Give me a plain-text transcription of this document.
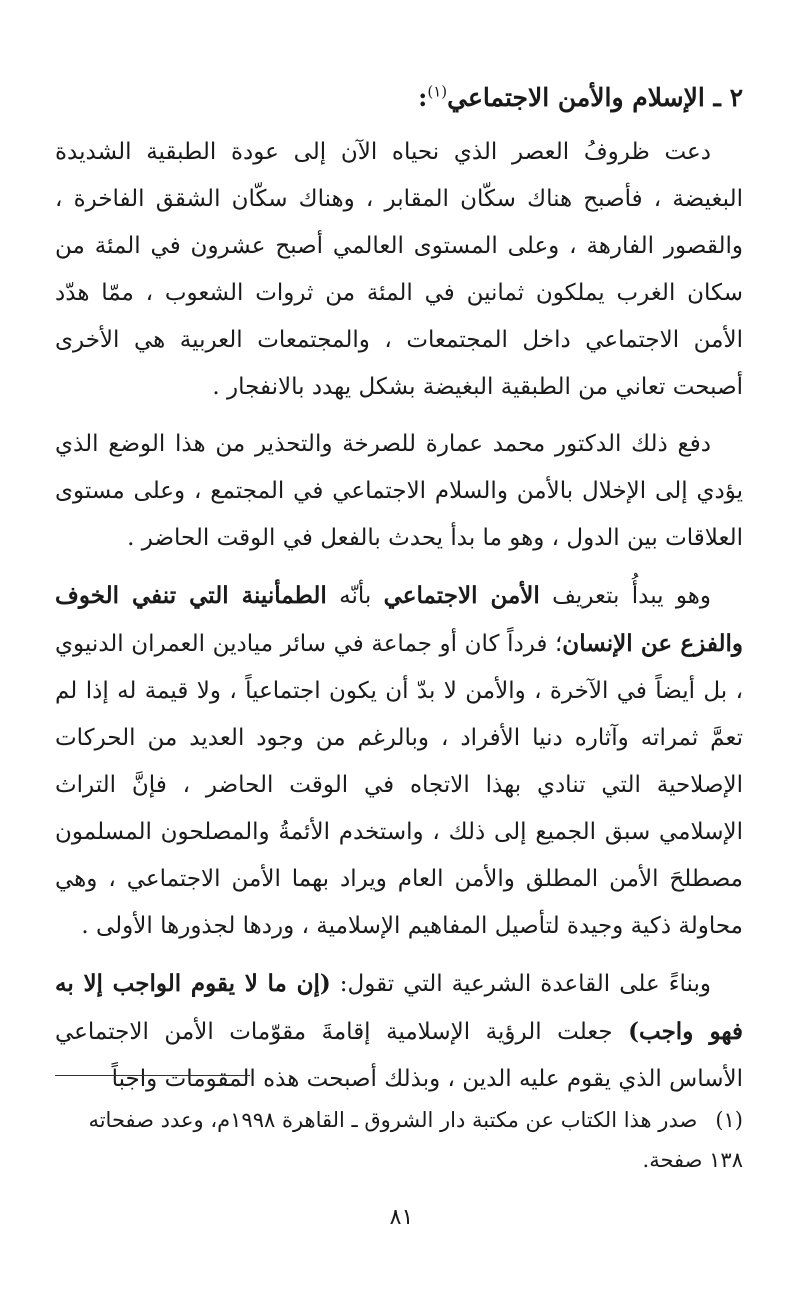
٢ ـ الإسلام والأمن الاجتماعي$^{(١)}$:

دعت ظروفُ العصر الذي نحياه الآن إلى عودة الطبقية الشديدة البغيضة ، فأصبح هناك سكّان المقابر ، وهناك سكّان الشقق الفاخرة ، والقصور الفارهة ، وعلى المستوى العالمي أصبح عشرون في المئة من سكان الغرب يملكون ثمانين في المئة من ثروات الشعوب ، ممّا هدّد الأمن الاجتماعي داخل المجتمعات ، والمجتمعات العربية هي الأخرى أصبحت تعاني من الطبقية البغيضة بشكل يهدد بالانفجار .

دفع ذلك الدكتور محمد عمارة للصرخة والتحذير من هذا الوضع الذي يؤدي إلى الإخلال بالأمن والسلام الاجتماعي في المجتمع ، وعلى مستوى العلاقات بين الدول ، وهو ما بدأ يحدث بالفعل في الوقت الحاضر .

وهو يبدأُ بتعريف الأمن الاجتماعي بأنّه الطمأنينة التي تنفي الخوف والفزع عن الإنسان؛ فرداً كان أو جماعة في سائر ميادين العمران الدنيوي ، بل أيضاً في الآخرة ، والأمن لا بدّ أن يكون اجتماعياً ، ولا قيمة له إذا لم تعمَّ ثمراته وآثاره دنيا الأفراد ، وبالرغم من وجود العديد من الحركات الإصلاحية التي تنادي بهذا الاتجاه في الوقت الحاضر ، فإنَّ التراث الإسلامي سبق الجميع إلى ذلك ، واستخدم الأئمةُ والمصلحون المسلمون مصطلحَ الأمن المطلق والأمن العام ويراد بهما الأمن الاجتماعي ، وهي محاولة ذكية وجيدة لتأصيل المفاهيم الإسلامية ، وردها لجذورها الأولى .

وبناءً على القاعدة الشرعية التي تقول: (إن ما لا يقوم الواجب إلا به فهو واجب) جعلت الرؤية الإسلامية إقامةَ مقوّمات الأمن الاجتماعي الأساس الذي يقوم عليه الدين ، وبذلك أصبحت هذه المقومات واجباً

(١)صدر هذا الكتاب عن مكتبة دار الشروق ـ القاهرة ١٩٩٨م، وعدد صفحاته ١٣٨ صفحة.
٨١
